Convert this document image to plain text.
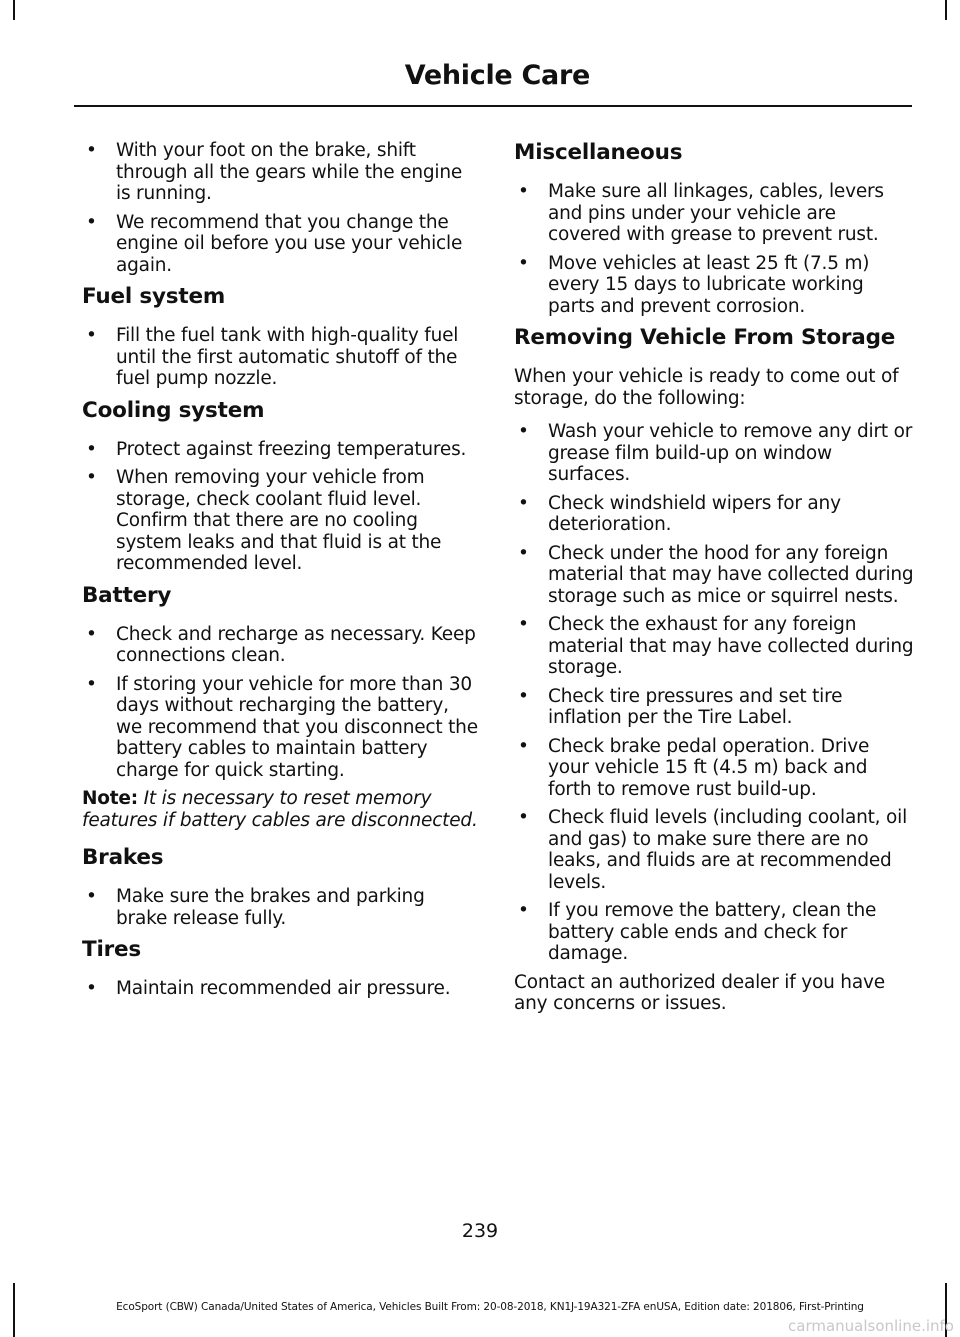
Vehicle Care
• With your foot on the brake, shift through all the gears while the engine is running.
• We recommend that you change the engine oil before you use your vehicle again.
Fuel system
• Fill the fuel tank with high-quality fuel until the first automatic shutoff of the fuel pump nozzle.
Cooling system
• Protect against freezing temperatures.
• When removing your vehicle from storage, check coolant fluid level. Confirm that there are no cooling system leaks and that fluid is at the recommended level.
Battery
• Check and recharge as necessary. Keep connections clean.
• If storing your vehicle for more than 30 days without recharging the battery, we recommend that you disconnect the battery cables to maintain battery charge for quick starting.

Note: It is necessary to reset memory features if battery cables are disconnected.

Brakes
• Make sure the brakes and parking brake release fully.
Tires
• Maintain recommended air pressure.
Miscellaneous
• Make sure all linkages, cables, levers and pins under your vehicle are covered with grease to prevent rust.
• Move vehicles at least 25 ft (7.5 m) every 15 days to lubricate working parts and prevent corrosion.
Removing Vehicle From Storage

When your vehicle is ready to come out of storage, do the following:

• Wash your vehicle to remove any dirt or grease film build-up on window surfaces.
• Check windshield wipers for any deterioration.
• Check under the hood for any foreign material that may have collected during storage such as mice or squirrel nests.
• Check the exhaust for any foreign material that may have collected during storage.
• Check tire pressures and set tire inflation per the Tire Label.
• Check brake pedal operation. Drive your vehicle 15 ft (4.5 m) back and forth to remove rust build-up.
• Check fluid levels (including coolant, oil and gas) to make sure there are no leaks, and fluids are at recommended levels.
• If you remove the battery, clean the battery cable ends and check for damage.

Contact an authorized dealer if you have any concerns or issues.

239
EcoSport (CBW) Canada/United States of America, Vehicles Built From: 20-08-2018, KN1J-19A321-ZFA enUSA, Edition date: 201806, First-Printing
carmanualsonline.info
